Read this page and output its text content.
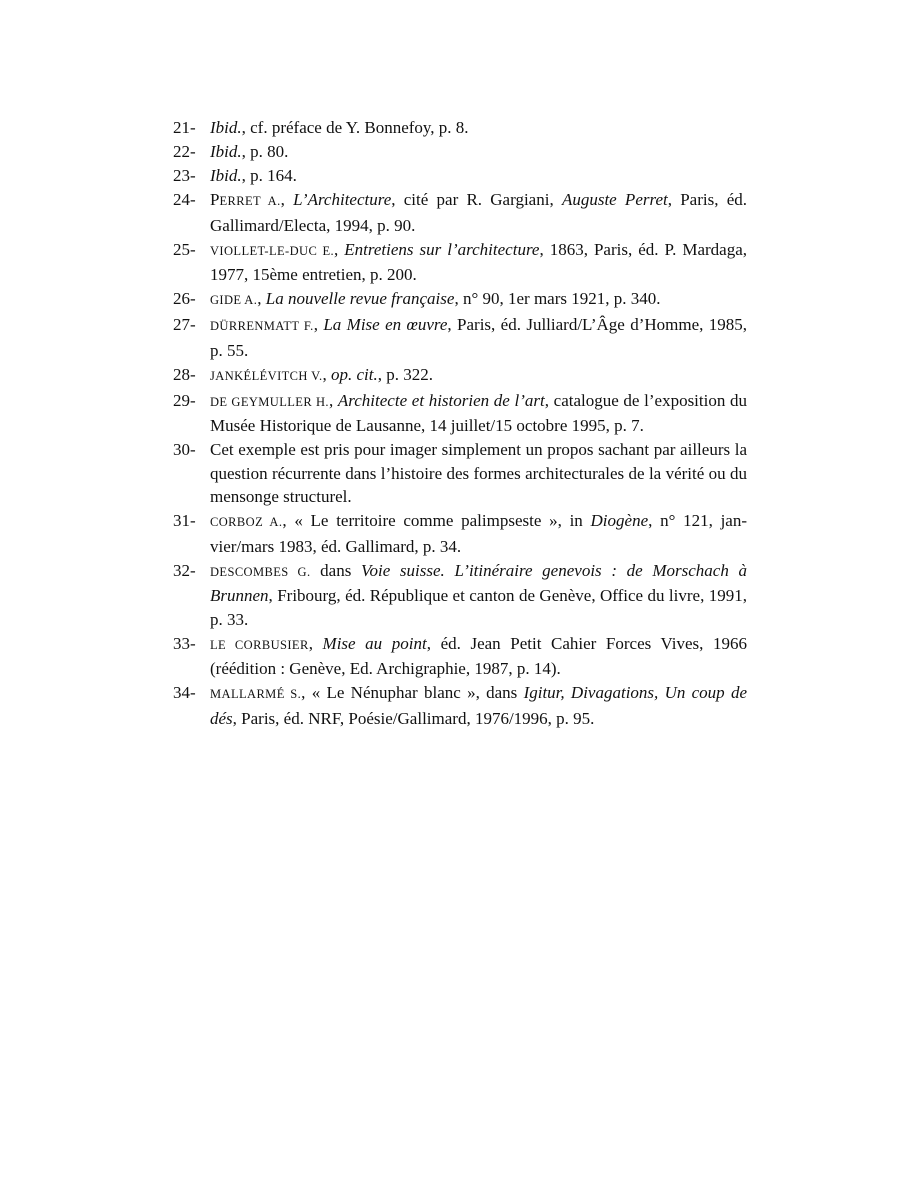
21- Ibid., cf. préface de Y. Bonnefoy, p. 8.
22- Ibid., p. 80.
23- Ibid., p. 164.
24- PERRET A., L’Architecture, cité par R. Gargiani, Auguste Perret, Paris, éd. Gallimard/Electa, 1994, p. 90.
25-	VIOLLET-LE-DUC E., Entretiens sur l’architecture, 1863, Paris, éd. P. Mardaga, 1977, 15ème entretien, p. 200.
26-	GIDE A., La nouvelle revue française, n° 90, 1er mars 1921, p. 340.
27-	DÜRRENMATT F., La Mise en œuvre, Paris, éd. Julliard/L’Âge d’Homme, 1985, p. 55.
28-	JANKÉLÉVITCH V., op. cit., p. 322.
29-	DE GEYMULLER H., Architecte et historien de l’art, catalogue de l’exposition du Musée Historique de Lausanne, 14 juillet/15 octobre 1995, p. 7.
30- Cet exemple est pris pour imager simplement un propos sachant par ailleurs la question récurrente dans l’histoire des formes architecturales de la vérité ou du mensonge structurel.
31-	CORBOZ A., « Le territoire comme palimpseste », in Diogène, n° 121, jan-vier/mars 1983, éd. Gallimard, p. 34.
32-	DESCOMBES G. dans Voie suisse. L’itinéraire genevois : de Morschach à Brunnen, Fribourg, éd. République et canton de Genève, Office du livre, 1991, p. 33.
33-	LE CORBUSIER, Mise au point, éd. Jean Petit Cahier Forces Vives, 1966 (réédition : Genève, Ed. Archigraphie, 1987, p. 14).
34-	MALLARMÉ S., « Le Nénuphar blanc », dans Igitur, Divagations, Un coup de dés, Paris, éd. NRF, Poésie/Gallimard, 1976/1996, p. 95.
